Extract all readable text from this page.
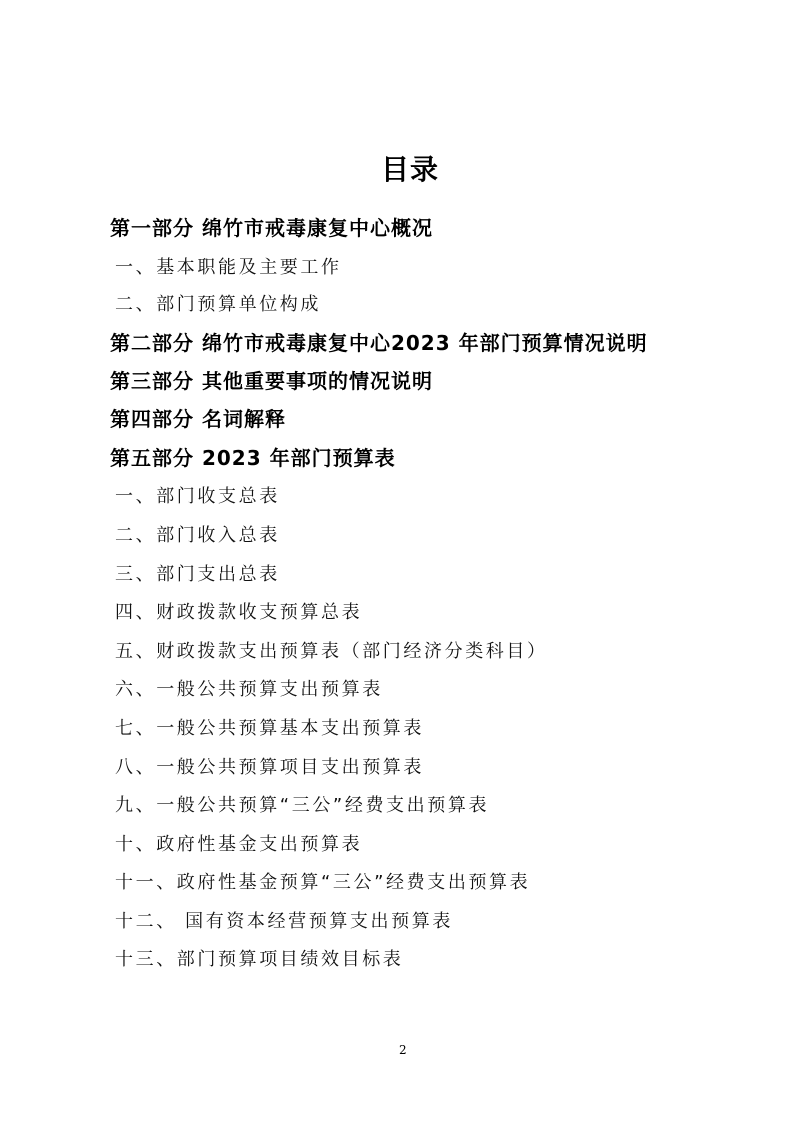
目录
第一部分 绵竹市戒毒康复中心概况
一、基本职能及主要工作
二、部门预算单位构成
第二部分 绵竹市戒毒康复中心2023 年部门预算情况说明
第三部分 其他重要事项的情况说明
第四部分 名词解释
第五部分 2023 年部门预算表
一、部门收支总表
二、部门收入总表
三、部门支出总表
四、财政拨款收支预算总表
五、财政拨款支出预算表（部门经济分类科目）
六、一般公共预算支出预算表
七、一般公共预算基本支出预算表
八、一般公共预算项目支出预算表
九、一般公共预算“三公”经费支出预算表
十、政府性基金支出预算表
十一、政府性基金预算“三公”经费支出预算表
十二、 国有资本经营预算支出预算表
十三、部门预算项目绩效目标表
2
